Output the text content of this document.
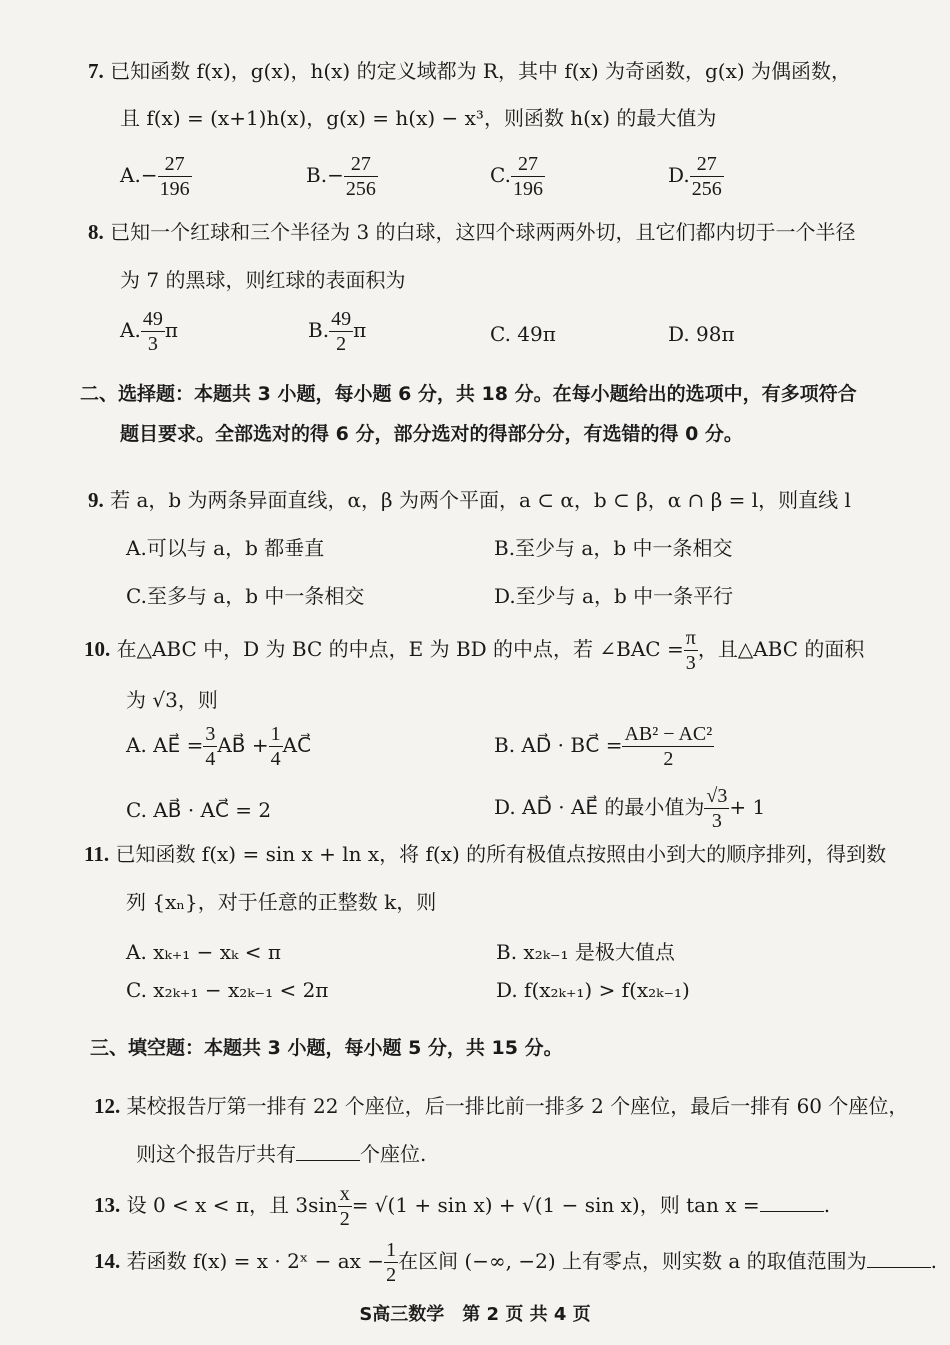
7. 已知函数 f(x)，g(x)，h(x) 的定义域都为 R，其中 f(x) 为奇函数，g(x) 为偶函数，
且 f(x) = (x+1)h(x)，g(x) = h(x) − x³，则函数 h(x) 的最大值为
$A.- \frac{27}{196}$	$B.- \frac{27}{256}$	C. $\frac{27}{196}$	D. $\frac{27}{256}$
8. 已知一个红球和三个半径为 3 的白球，这四个球两两外切，且它们都内切于一个半径
为 7 的黑球，则红球的表面积为
A. $\frac{49}{3}$ π	B. $\frac{49}{2}$ π	C. 49π	D. 98π
二、选择题：本题共 3 小题，每小题 6 分，共 18 分。在每小题给出的选项中，有多项符合
题目要求。全部选对的得 6 分，部分选对的得部分分，有选错的得 0 分。
9. 若 a，b 为两条异面直线，α，β 为两个平面，a ⊂ α，b ⊂ β，α ∩ β = l，则直线 l
A.可以与 a，b 都垂直	B.至少与 a，b 中一条相交
C.至多与 a，b 中一条相交	D.至少与 a，b 中一条平行
10. 在△ABC 中，D 为 BC 的中点，E 为 BD 的中点，若 ∠BAC = $\frac{\pi}{3}$ ，且△ABC 的面积
为 √3，则
A. AE⃗ = $\frac{3}{4}$ AB⃗ + $\frac{1}{4}$ AC⃗	B. AD⃗ · BC⃗ = $\frac{\text{AB² − AC²}}{2}$
C. AB⃗ · AC⃗ = 2	D. AD⃗ · AE⃗ 的最小值为 $\frac{√3}{3} + 1$
11. 已知函数 f(x) = sin x + ln x，将 f(x) 的所有极值点按照由小到大的顺序排列，得到数
列 {xₙ}，对于任意的正整数 k，则
A. xₖ₊₁ − xₖ < π	B. x₂ₖ₋₁ 是极大值点
C. x₂ₖ₊₁ − x₂ₖ₋₁ < 2π	D. f(x₂ₖ₊₁) > f(x₂ₖ₋₁)
三、填空题：本题共 3 小题，每小题 5 分，共 15 分。
12. 某校报告厅第一排有 22 个座位，后一排比前一排多 2 个座位，最后一排有 60 个座位，
则这个报告厅共有	个座位.
13. 设 0 < x < π，且 $3\sin \frac{x}{2} = √(1 + \sin x) + √(1 - \sin x)$，则 tan x =	.
14. 若函数 f(x) = x · 2ˣ − ax − $\frac{1}{2}$ 在区间 (−∞, −2) 上有零点，则实数 a 的取值范围为	.
S高三数学　第 2 页 共 4 页
